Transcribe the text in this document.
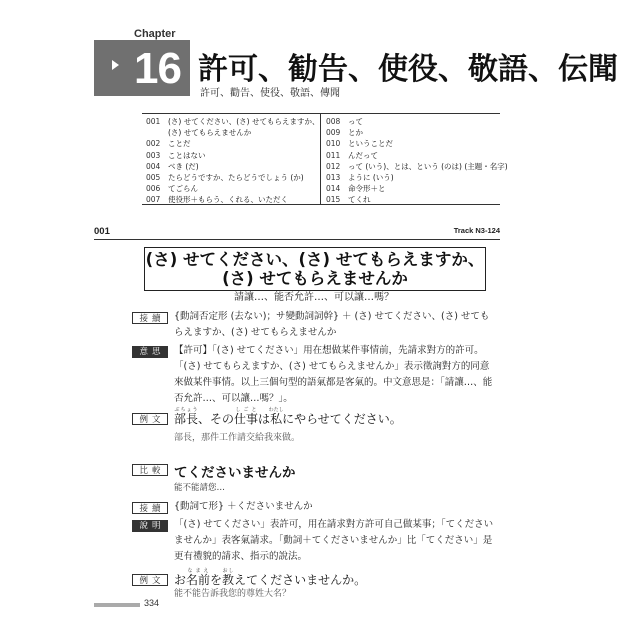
Chapter
16 許可、勧告、使役、敬語、伝聞
許可、勸告、使役、敬語、傳聞
001	(さ) せてください、(さ) せてもらえますか、
(さ) せてもらえませんか
002	ことだ
003	ことはない
004	べき (だ)
005	たらどうですか、たらどうでしょう (か)
006	てごらん
007	使役形＋もらう、くれる、いただく
008	って
009	とか
010	ということだ
011	んだって
012	って (いう)、とは、という (のは) (主題・名字)
013	ように (いう)
014	命令形＋と
015	てくれ
001	Track N3-124
(さ) せてください、(さ) せてもらえますか、
(さ) せてもらえませんか
請讓…、能否允許…、可以讓…嗎？
接續	{動詞否定形 (去ない)；サ變動詞詞幹} ＋ (さ) せてください、(さ) せてもらえますか、(さ) せてもらえませんか
意思	【許可】「(さ) せてください」用在想做某件事情前，先請求對方的許可。「(さ) せてもらえますか、(さ) せてもらえませんか」表示徵詢對方的同意來做某件事情。以上三個句型的語氣都是客氣的。中文意思是：「請讓…、能否允許…、可以讓…嗎？」。
例文 部長ぶちょう、その仕事しごとは私わたしにやらせてください。
部長，那件工作請交給我來做。
比較 てくださいませんか
能不能請您…
接續	{動詞て形} ＋くださいませんか
說明	「(さ) せてください」表許可，用在請求對方許可自己做某事；「てくださいませんか」表客氣請求。「動詞＋てくださいませんか」比「てください」是更有禮貌的請求、指示的說法。
例文 お名前なまえを教おしえてくださいませんか。
能不能告訴我您的尊姓大名？
334
